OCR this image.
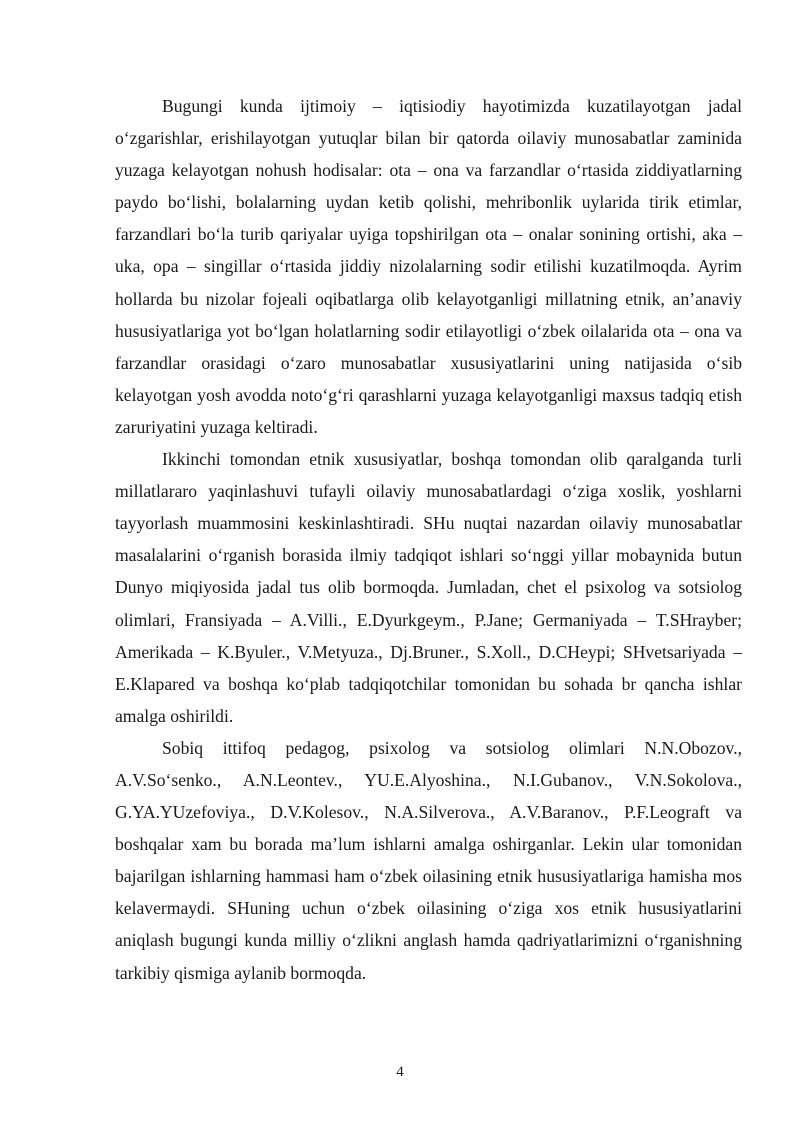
Bugungi kunda ijtimoiy – iqtisiodiy hayotimizda kuzatilayotgan jadal o‘zgarishlar, erishilayotgan yutuqlar bilan bir qatorda oilaviy munosabatlar zaminida yuzaga kelayotgan nohush hodisalar: ota – ona va farzandlar o‘rtasida ziddiyatlarning paydo bo‘lishi, bolalarning uydan ketib qolishi, mehribonlik uylarida tirik etimlar, farzandlari bo‘la turib qariyalar uyiga topshirilgan ota – onalar sonining ortishi, aka – uka, opa – singillar o‘rtasida jiddiy nizolalarning sodir etilishi kuzatilmoqda. Ayrim hollarda bu nizolar fojeali oqibatlarga olib kelayotganligi millatning etnik, an’anaviy hususiyatlariga yot bo‘lgan holatlarning sodir etilayotligi o‘zbek oilalarida ota – ona va farzandlar orasidagi o‘zaro munosabatlar xususiyatlarini uning natijasida o‘sib kelayotgan yosh avodda noto‘g‘ri qarashlarni yuzaga kelayotganligi maxsus tadqiq etish zaruriyatini yuzaga keltiradi.

Ikkinchi tomondan etnik xususiyatlar, boshqa tomondan olib qaralganda turli millatlararo yaqinlashuvi tufayli oilaviy munosabatlardagi o‘ziga xoslik, yoshlarni tayyorlash muammosini keskinlashtiradi. SHu nuqtai nazardan oilaviy munosabatlar masalalarini o‘rganish borasida ilmiy tadqiqot ishlari so‘nggi yillar mobaynida butun Dunyo miqiyosida jadal tus olib bormoqda. Jumladan, chet el psixolog va sotsiolog olimlari, Fransiyada – A.Villi., E.Dyurkgeym., P.Jane; Germaniyada – T.SHrayber; Amerikada – K.Byuler., V.Metyuza., Dj.Bruner., S.Xoll., D.CHeypi; SHvetsariyada –E.Klapared va boshqa ko‘plab tadqiqotchilar tomonidan bu sohada br qancha ishlar amalga oshirildi.

Sobiq ittifoq pedagog, psixolog va sotsiolog olimlari N.N.Obozov., A.V.So‘senko., A.N.Leontev., YU.E.Alyoshina., N.I.Gubanov., V.N.Sokolova., G.YA.YUzefoviya., D.V.Kolesov., N.A.Silverova., A.V.Baranov., P.F.Leograft va boshqalar xam bu borada ma’lum ishlarni amalga oshirganlar. Lekin ular tomonidan bajarilgan ishlarning hammasi ham o‘zbek oilasining etnik hususiyatlariga hamisha mos kelavermaydi. SHuning uchun o‘zbek oilasining o‘ziga xos etnik hususiyatlarini aniqlash bugungi kunda milliy o‘zlikni anglash hamda qadriyatlarimizni o‘rganishning tarkibiy qismiga aylanib bormoqda.

4
